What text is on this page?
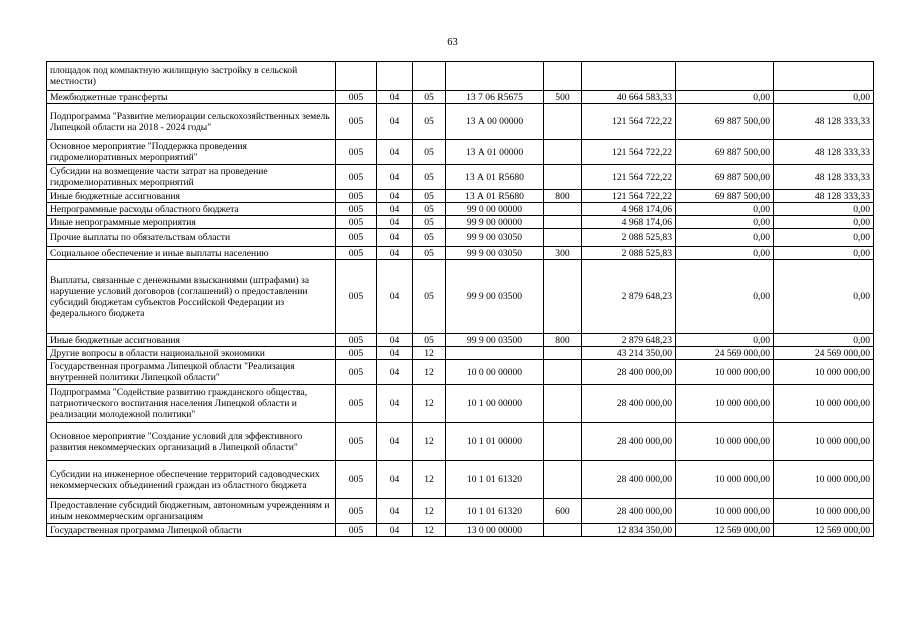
63
площадок под компактную жилищную застройку в сельской местности)								
Межбюджетные трансферты	005	04	05	13 7 06 R5675	500	40 664 583,33	0,00	0,00
Подпрограмма "Развитие мелиорации сельскохозяйственных земель Липецкой области на 2018 - 2024 годы"	005	04	05	13 А 00 00000		121 564 722,22	69 887 500,00	48 128 333,33
Основное мероприятие "Поддержка проведения гидромелиоративных мероприятий"	005	04	05	13 А 01 00000		121 564 722,22	69 887 500,00	48 128 333,33
Субсидии на возмещение части затрат на проведение гидромелиоративных мероприятий	005	04	05	13 А 01 R5680		121 564 722,22	69 887 500,00	48 128 333,33
Иные бюджетные ассигнования	005	04	05	13 А 01 R5680	800	121 564 722,22	69 887 500,00	48 128 333,33
Непрограммные расходы областного бюджета	005	04	05	99 0 00 00000		4 968 174,06	0,00	0,00
Иные непрограммные мероприятия	005	04	05	99 9 00 00000		4 968 174,06	0,00	0,00
Прочие выплаты по обязательствам области	005	04	05	99 9 00 03050		2 088 525,83	0,00	0,00
Социальное обеспечение и иные выплаты населению	005	04	05	99 9 00 03050	300	2 088 525,83	0,00	0,00
Выплаты, связанные с денежными взысканиями (штрафами) за нарушение условий договоров (соглашений) о предоставлении субсидий бюджетам субъектов Российской Федерации из федерального бюджета	005	04	05	99 9 00 03500		2 879 648,23	0,00	0,00
Иные бюджетные ассигнования	005	04	05	99 9 00 03500	800	2 879 648,23	0,00	0,00
Другие вопросы в области национальной экономики	005	04	12			43 214 350,00	24 569 000,00	24 569 000,00
Государственная программа Липецкой области "Реализация внутренней политики Липецкой области"	005	04	12	10 0 00 00000		28 400 000,00	10 000 000,00	10 000 000,00
Подпрограмма "Содействие развитию гражданского общества, патриотического воспитания населения Липецкой области и реализации молодежной политики"	005	04	12	10 1 00 00000		28 400 000,00	10 000 000,00	10 000 000,00
Основное мероприятие "Создание условий для эффективного развития некоммерческих организаций в Липецкой области"	005	04	12	10 1 01 00000		28 400 000,00	10 000 000,00	10 000 000,00
Субсидии на инженерное обеспечение территорий садоводческих некоммерческих объединений граждан из областного бюджета	005	04	12	10 1 01 61320		28 400 000,00	10 000 000,00	10 000 000,00
Предоставление субсидий бюджетным, автономным учреждениям и иным некоммерческим организациям	005	04	12	10 1 01 61320	600	28 400 000,00	10 000 000,00	10 000 000,00
Государственная программа Липецкой области	005	04	12	13 0 00 00000		12 834 350,00	12 569 000,00	12 569 000,00
